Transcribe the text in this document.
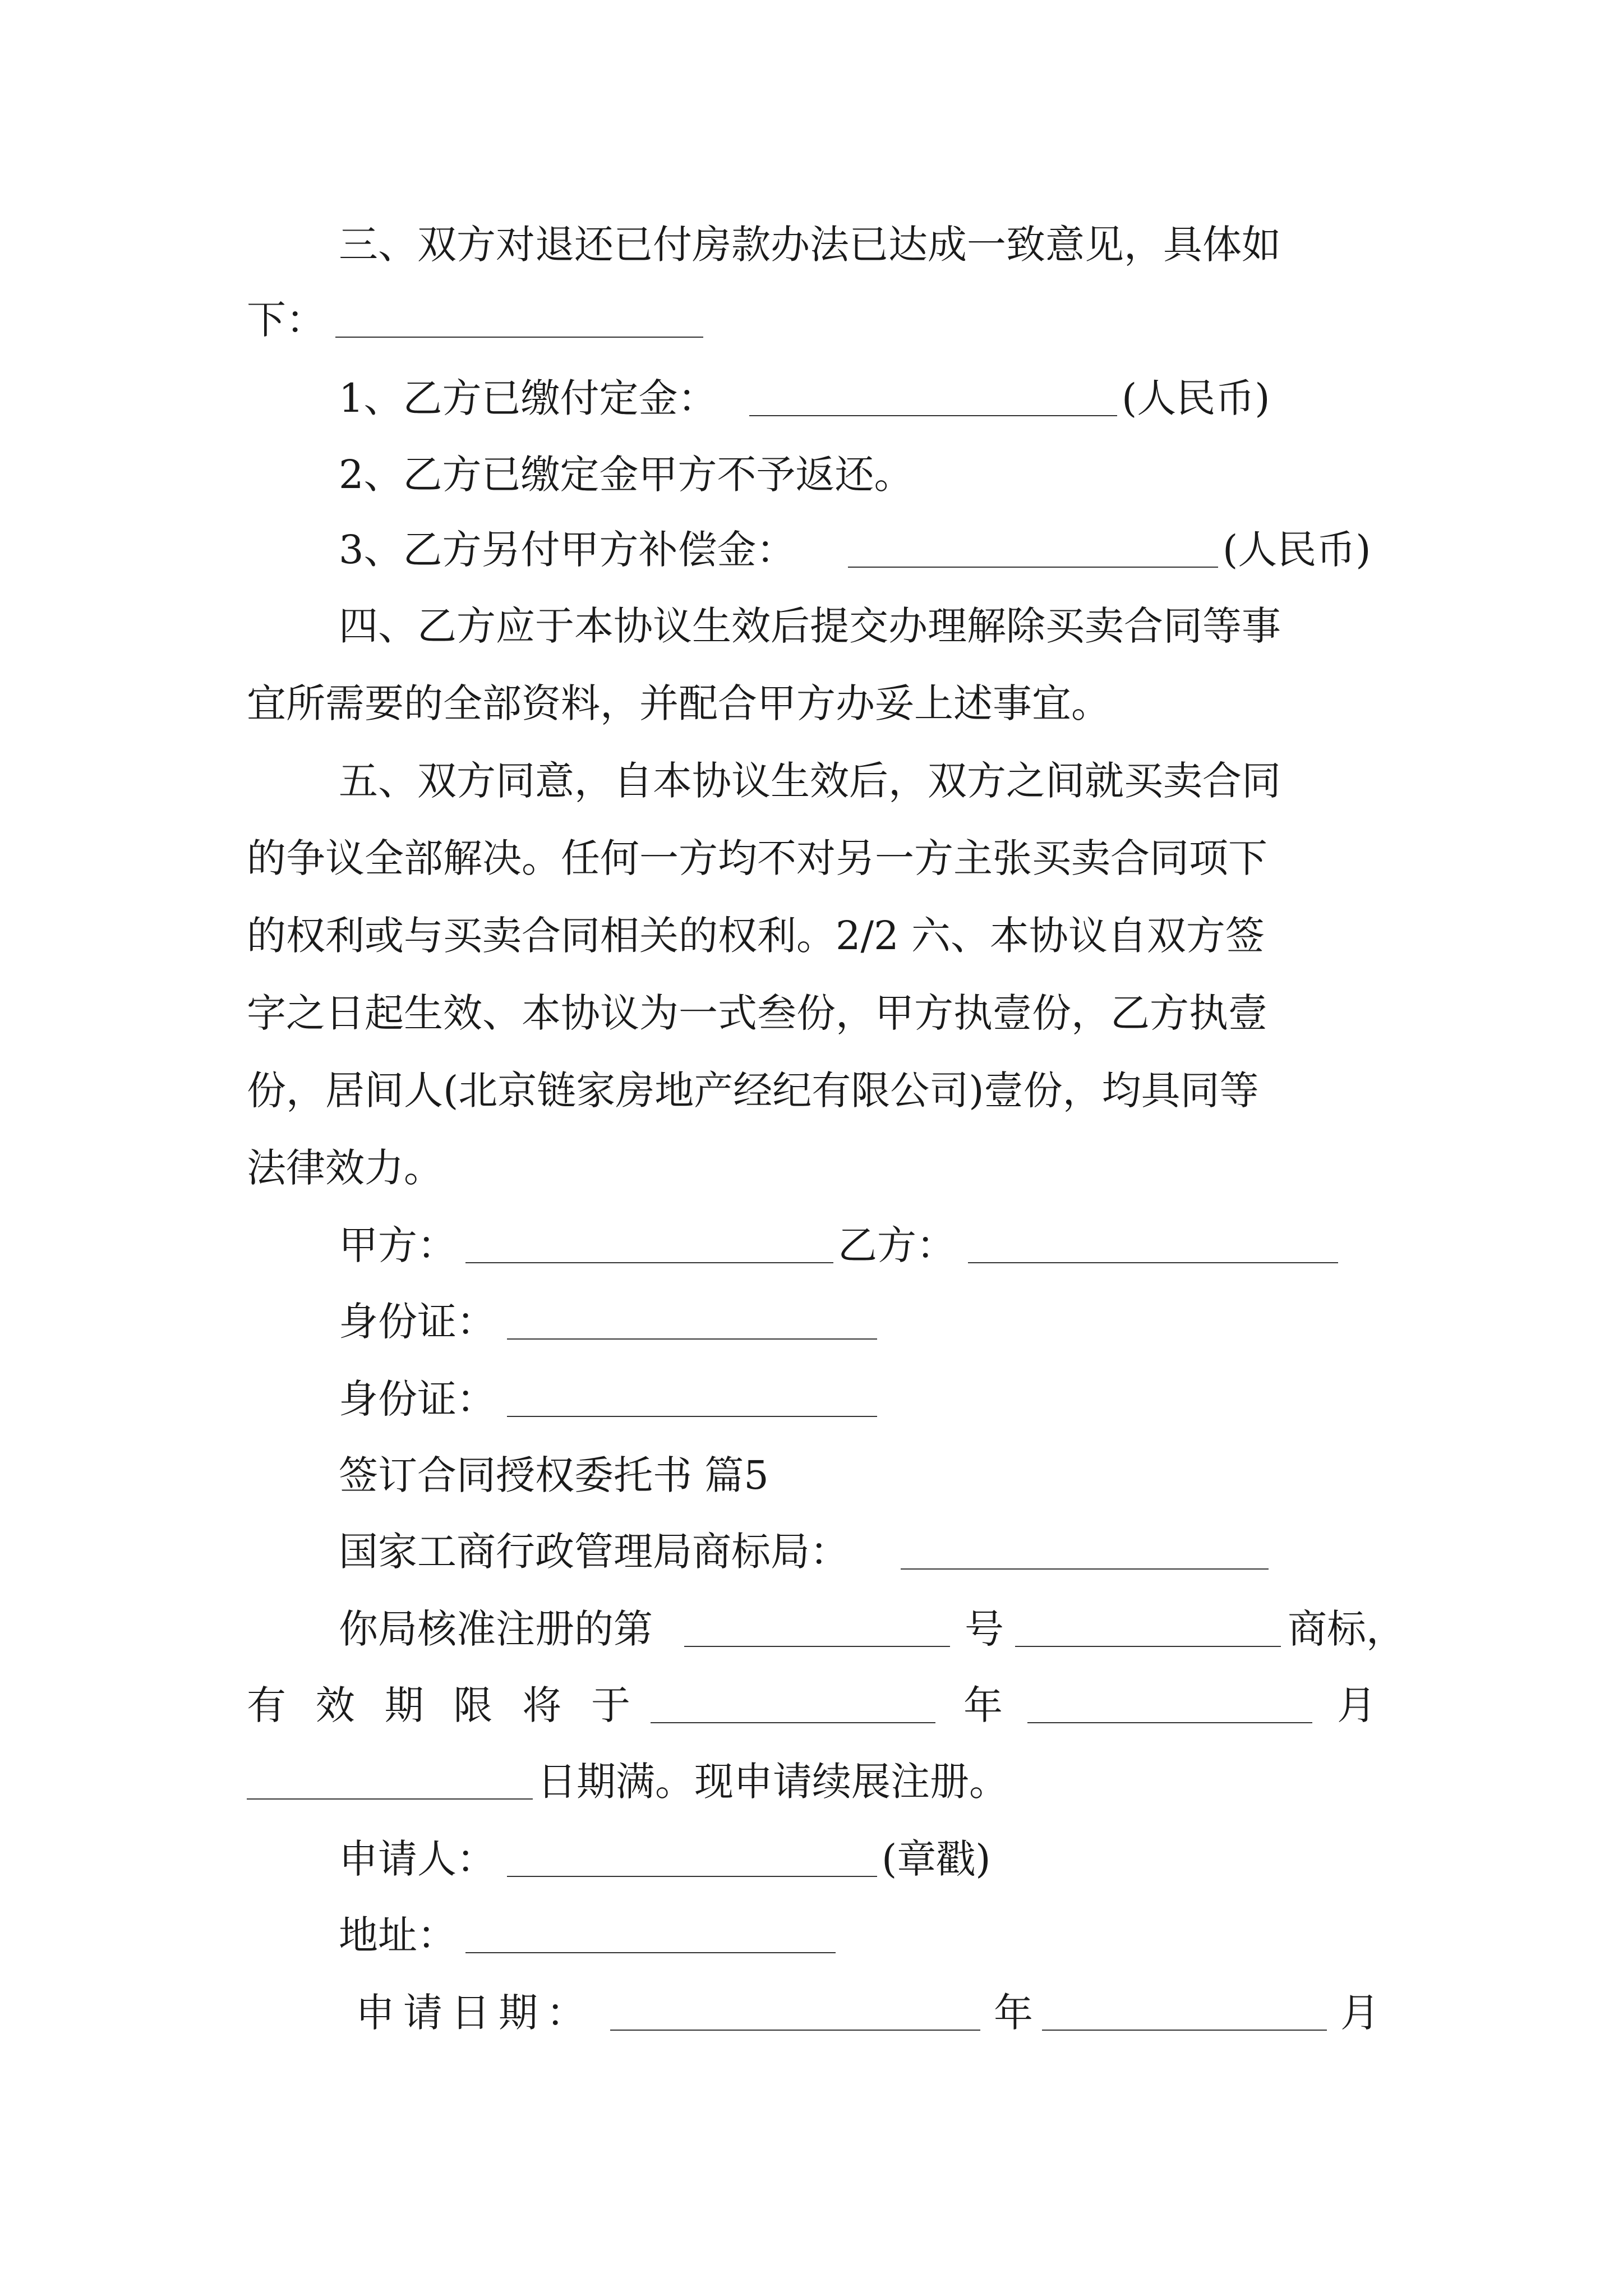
三、双方对退还已付房款办法已达成一致意见，具体如
下：
1、乙方已缴付定金：	(人民币)
2、乙方已缴定金甲方不予返还。
3、乙方另付甲方补偿金：	(人民币)
四、乙方应于本协议生效后提交办理解除买卖合同等事
宜所需要的全部资料，并配合甲方办妥上述事宜。
五、双方同意，自本协议生效后，双方之间就买卖合同
的争议全部解决。任何一方均不对另一方主张买卖合同项下
的权利或与买卖合同相关的权利。2/2 六、本协议自双方签
字之日起生效、本协议为一式叁份，甲方执壹份，乙方执壹
份，居间人(北京链家房地产经纪有限公司)壹份，均具同等
法律效力。
甲方：	乙方：
身份证：
身份证：
签订合同授权委托书 篇5
国家工商行政管理局商标局：
你局核准注册的第	号	商标，
有 效 期 限 将 于	年	月
日期满。现申请续展注册。
申请人：	(章戳)
地址：
申 请 日 期 ：	年	月
